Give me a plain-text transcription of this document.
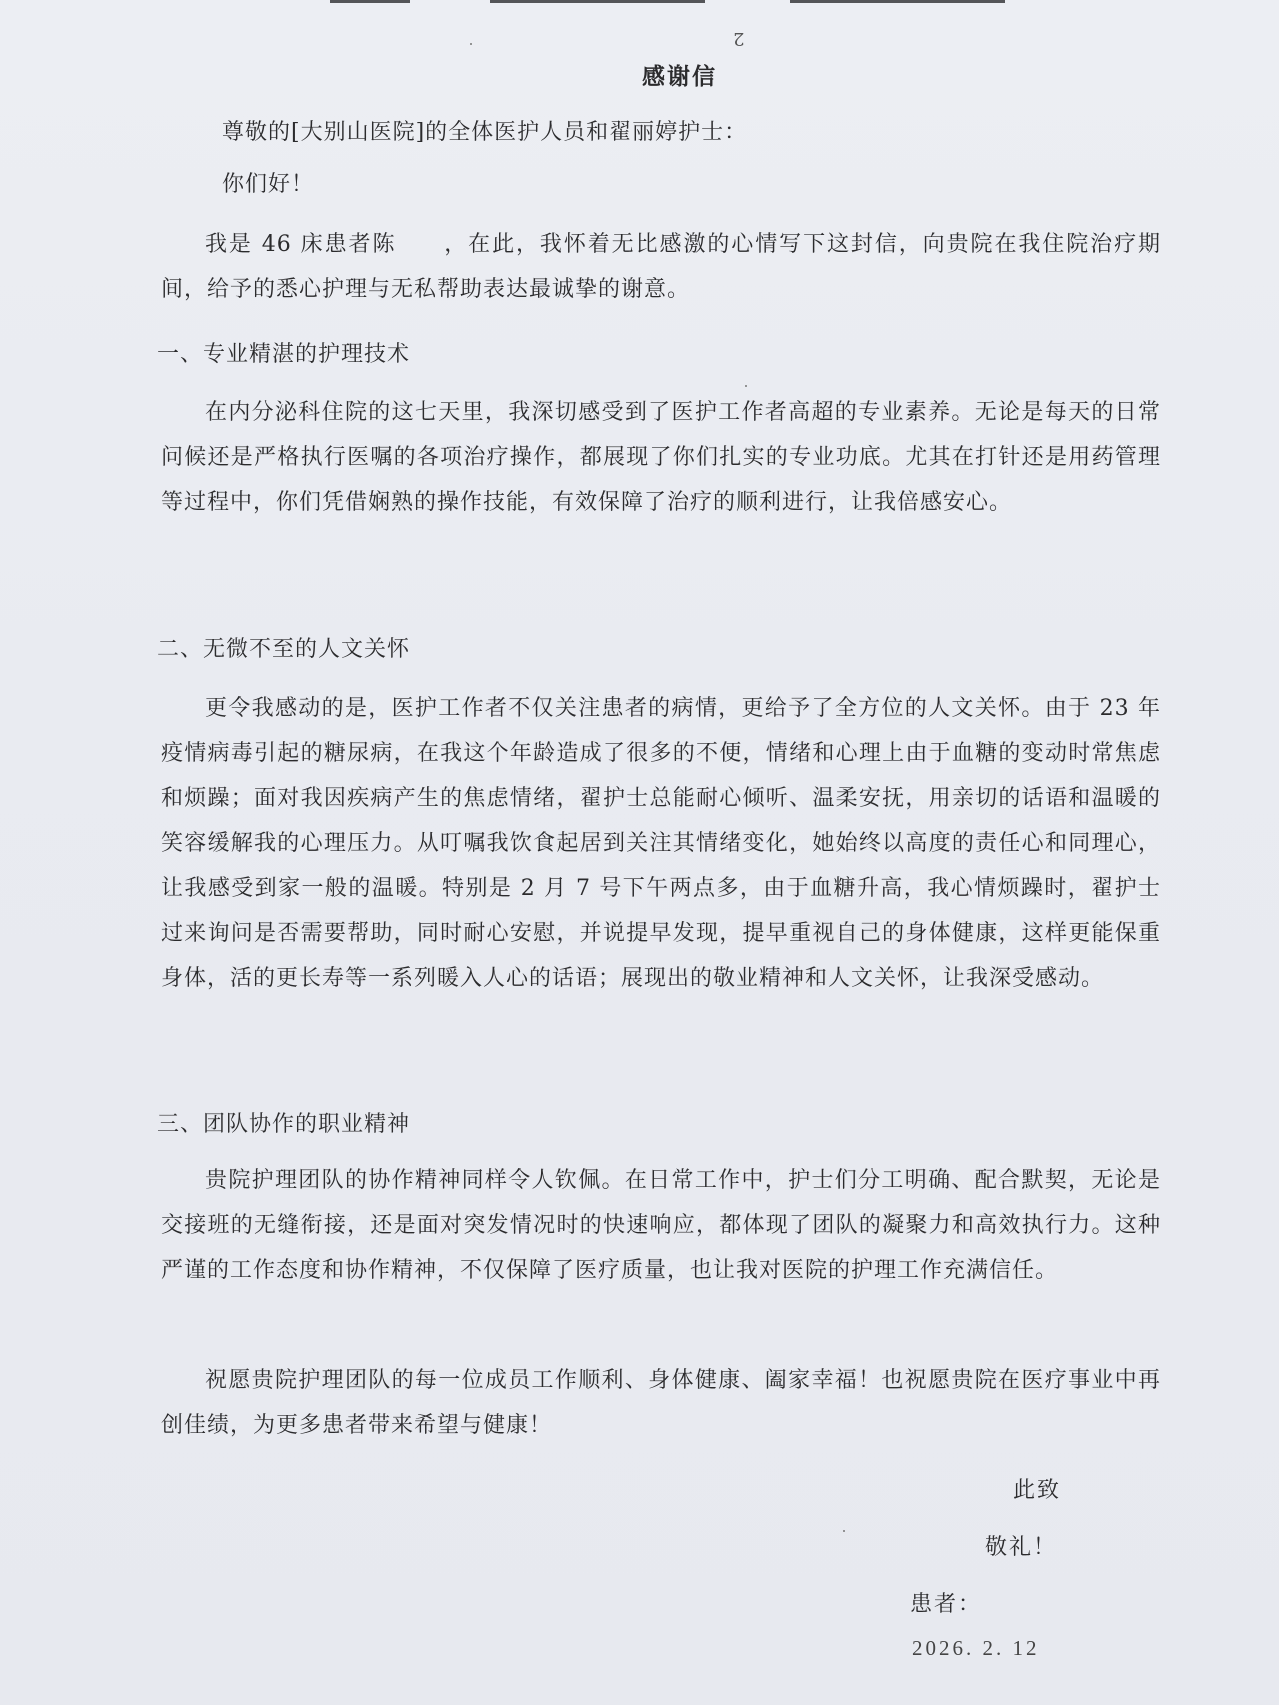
2
感谢信
尊敬的[大别山医院]的全体医护人员和翟丽婷护士：
你们好！
我是 46 床患者陈　　，在此，我怀着无比感激的心情写下这封信，向贵院在我住院治疗期间，给予的悉心护理与无私帮助表达最诚挚的谢意。
一、专业精湛的护理技术
在内分泌科住院的这七天里，我深切感受到了医护工作者高超的专业素养。无论是每天的日常问候还是严格执行医嘱的各项治疗操作，都展现了你们扎实的专业功底。尤其在打针还是用药管理等过程中，你们凭借娴熟的操作技能，有效保障了治疗的顺利进行，让我倍感安心。
二、无微不至的人文关怀
更令我感动的是，医护工作者不仅关注患者的病情，更给予了全方位的人文关怀。由于 23 年疫情病毒引起的糖尿病，在我这个年龄造成了很多的不便，情绪和心理上由于血糖的变动时常焦虑和烦躁；面对我因疾病产生的焦虑情绪，翟护士总能耐心倾听、温柔安抚，用亲切的话语和温暖的笑容缓解我的心理压力。从叮嘱我饮食起居到关注其情绪变化，她始终以高度的责任心和同理心，让我感受到家一般的温暖。特别是 2 月 7 号下午两点多，由于血糖升高，我心情烦躁时，翟护士过来询问是否需要帮助，同时耐心安慰，并说提早发现，提早重视自己的身体健康，这样更能保重身体，活的更长寿等一系列暖入人心的话语；展现出的敬业精神和人文关怀，让我深受感动。
三、团队协作的职业精神
贵院护理团队的协作精神同样令人钦佩。在日常工作中，护士们分工明确、配合默契，无论是交接班的无缝衔接，还是面对突发情况时的快速响应，都体现了团队的凝聚力和高效执行力。这种严谨的工作态度和协作精神，不仅保障了医疗质量，也让我对医院的护理工作充满信任。
祝愿贵院护理团队的每一位成员工作顺利、身体健康、阖家幸福！也祝愿贵院在医疗事业中再创佳绩，为更多患者带来希望与健康！
此致
敬礼！
患者：
2026. 2. 12
